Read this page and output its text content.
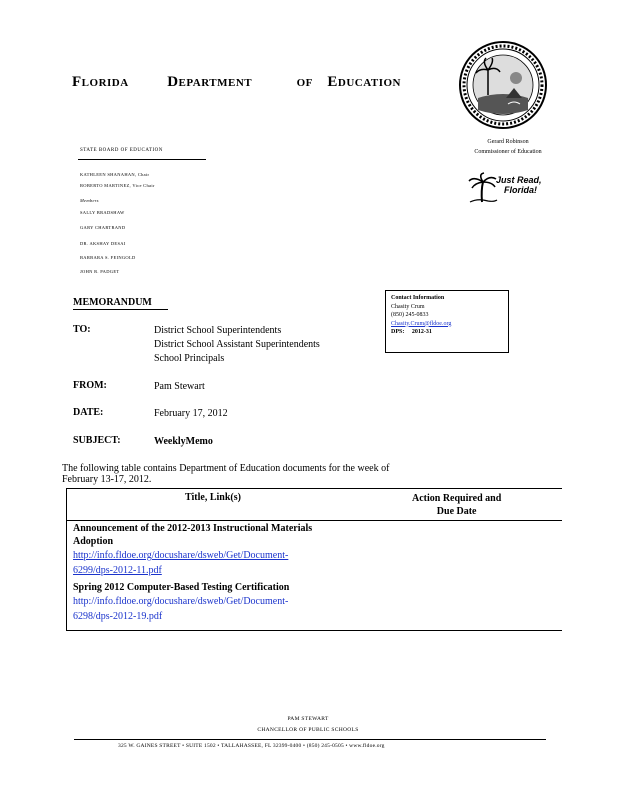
FLORIDA	DEPARTMENT	OF EDUCATION
STATE BOARD OF EDUCATION
KATHLEEN SHANAHAN, Chair
ROBERTO MARTINEZ, Vice Chair
Members
SALLY BRADSHAW
GARY CHARTRAND
DR. AKSHAY DESAI
BARBARA S. FEINGOLD
JOHN R. PADGET
Gerard Robinson
Commissioner of Education
Just Read,
Florida!
MEMORANDUM	Contact Information
Chasity Crum
(850) 245-0833
Chasity.Crum@fldoe.org
DPS: 2012-31
TO:	District School Superintendents
District School Assistant Superintendents
School Principals
FROM:	Pam Stewart
DATE:	February 17, 2012
SUBJECT:	WeeklyMemo
The following table contains Department of Education documents for the week of
February 13-17, 2012.
Title, Link(s)	Action Required and
Due Date
Announcement of the 2012-2013 Instructional Materials
Adoption
http://info.fldoe.org/docushare/dsweb/Get/Document-
6299/dps-2012-11.pdf
Spring 2012 Computer-Based Testing Certification
http://info.fldoe.org/docushare/dsweb/Get/Document-
6298/dps-2012-19.pdf
PAM STEWART
CHANCELLOR OF PUBLIC SCHOOLS
325 W. GAINES STREET • SUITE 1502 • TALLAHASSEE, FL 32399-0400 • (850) 245-0505 • www.fldoe.org
